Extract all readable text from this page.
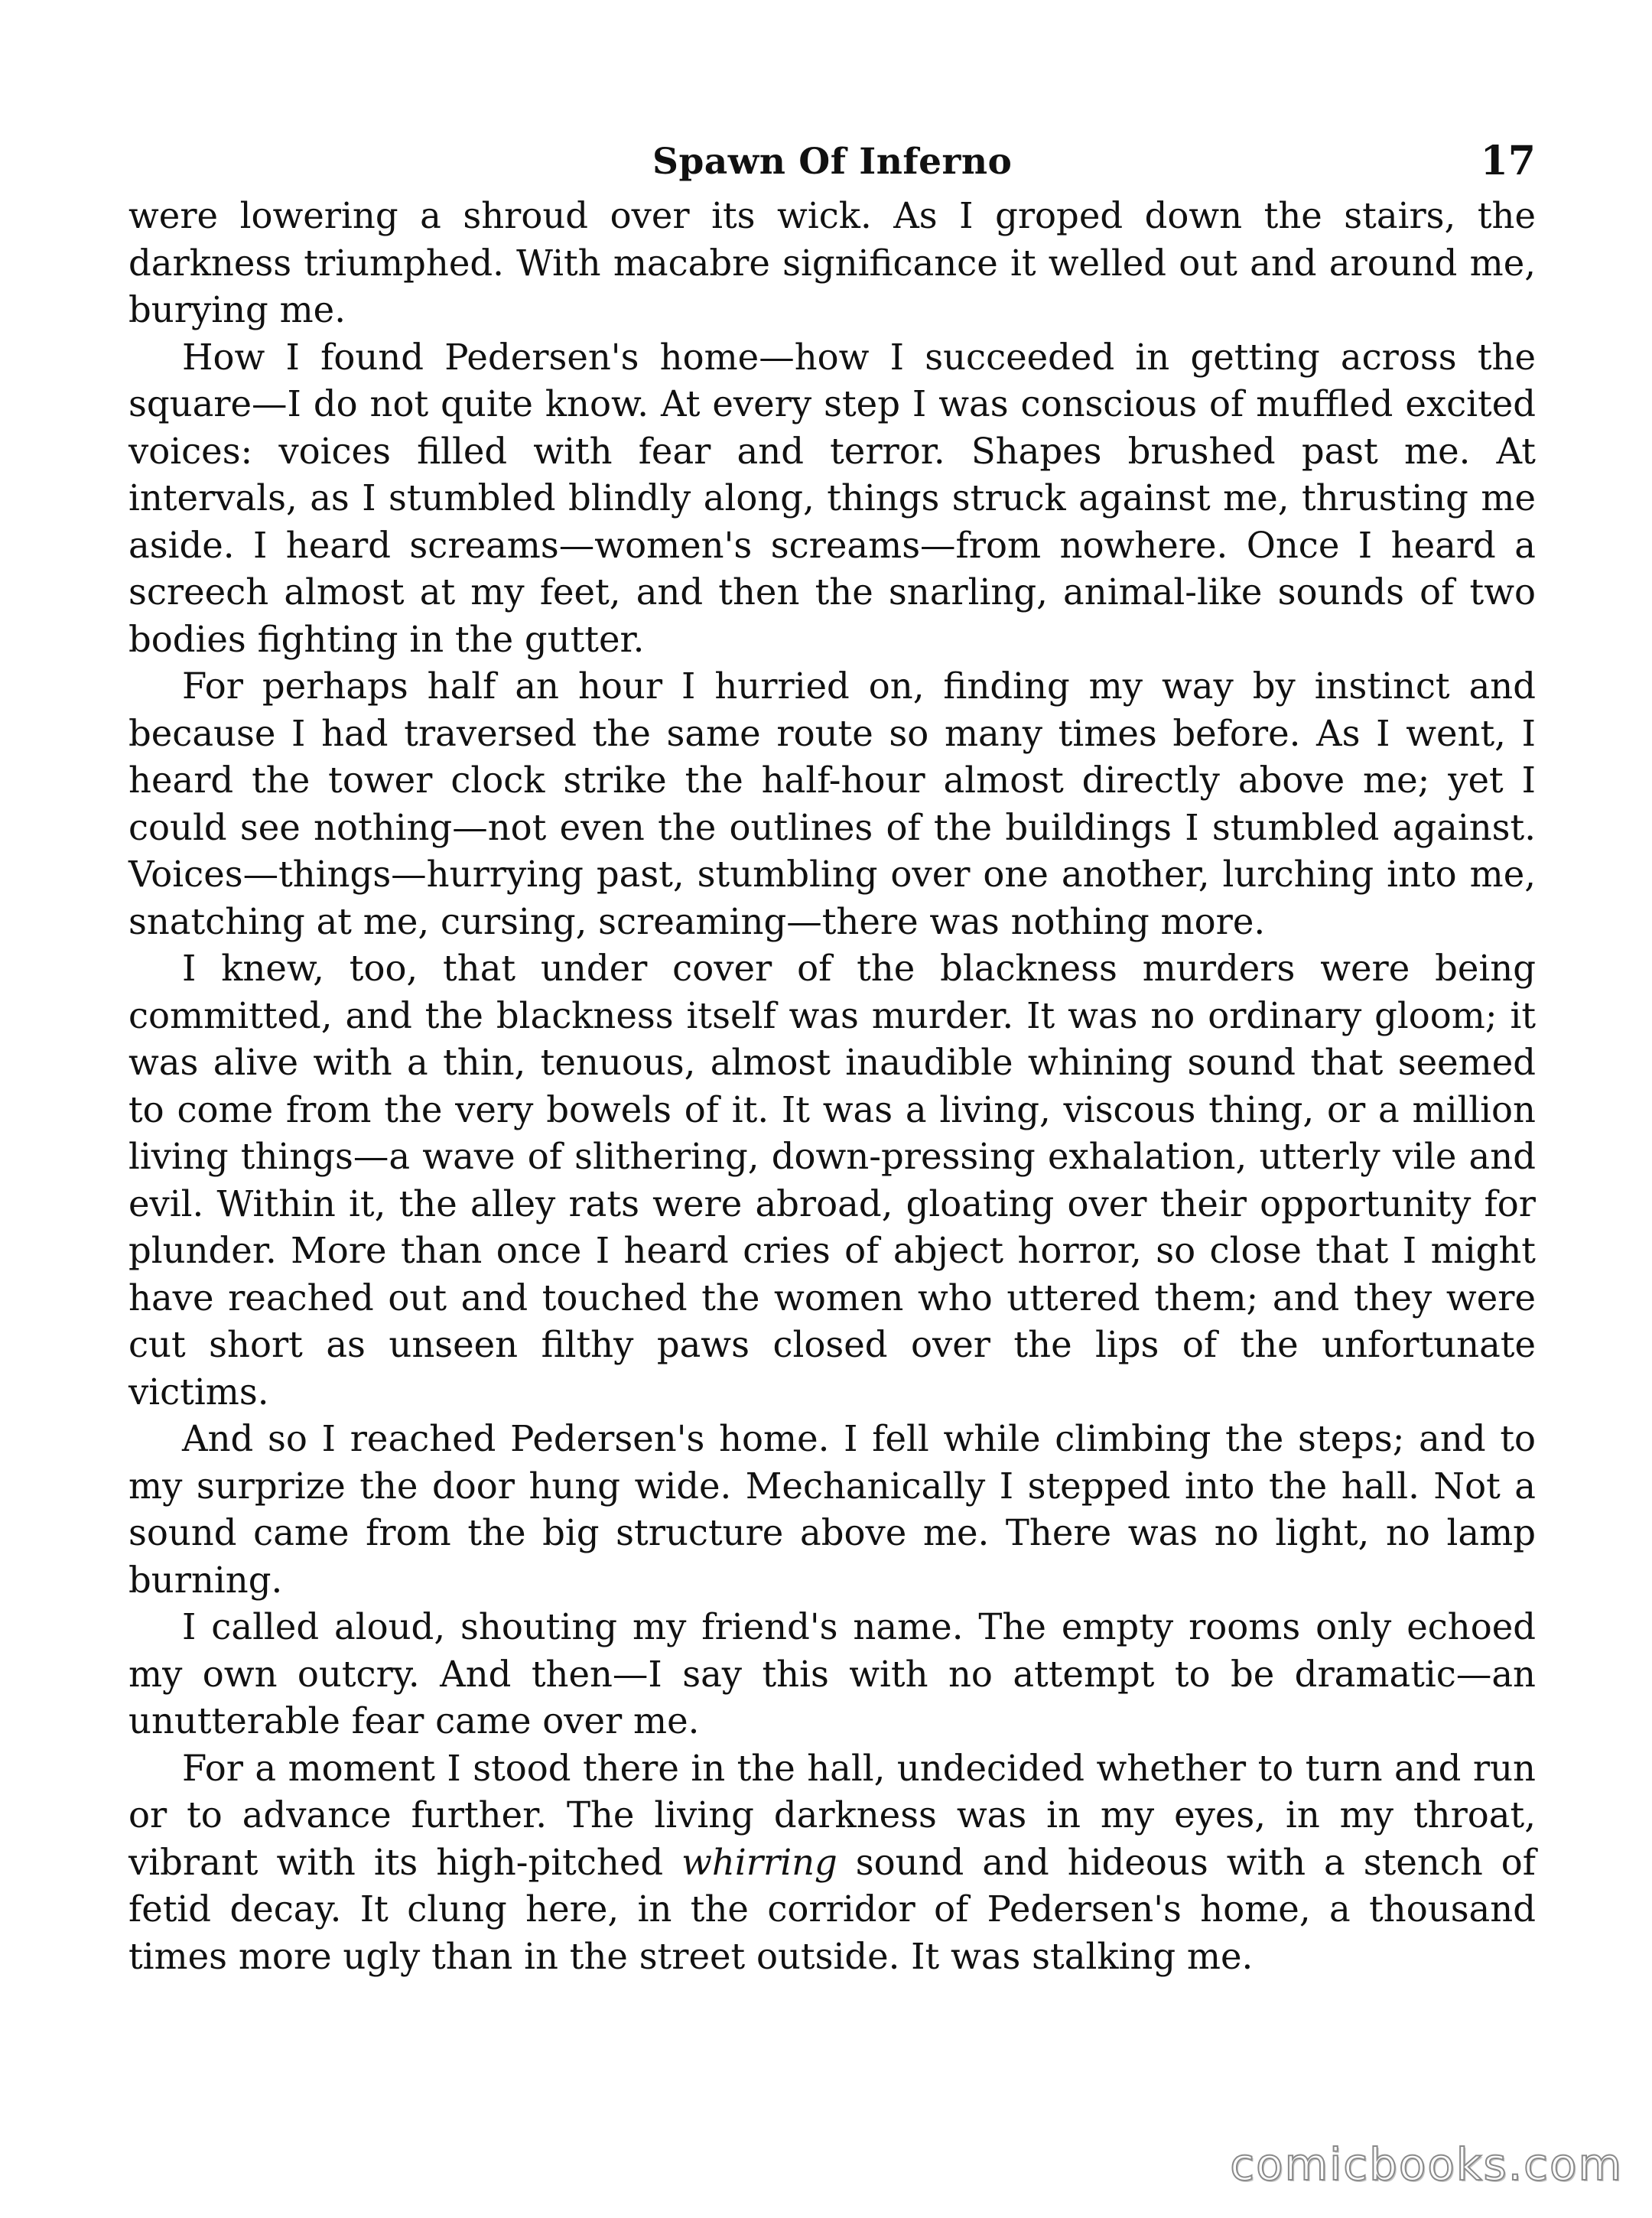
Spawn Of Inferno	17

were lowering a shroud over its wick. As I groped down the stairs, the darkness triumphed. With macabre significance it welled out and around me, burying me.

How I found Pedersen's home—how I succeeded in getting across the square—I do not quite know. At every step I was conscious of muffled excited voices: voices filled with fear and terror. Shapes brushed past me. At intervals, as I stumbled blindly along, things struck against me, thrusting me aside. I heard screams—women's screams—from nowhere. Once I heard a screech almost at my feet, and then the snarling, animal-like sounds of two bodies fighting in the gutter.

For perhaps half an hour I hurried on, finding my way by instinct and because I had traversed the same route so many times before. As I went, I heard the tower clock strike the half-hour almost directly above me; yet I could see nothing—not even the outlines of the buildings I stumbled against. Voices—things—hurrying past, stumbling over one another, lurching into me, snatching at me, cursing, screaming—there was nothing more.

I knew, too, that under cover of the blackness murders were being committed, and the blackness itself was murder. It was no ordinary gloom; it was alive with a thin, tenuous, almost inaudible whining sound that seemed to come from the very bowels of it. It was a living, viscous thing, or a million living things—a wave of slithering, down-pressing exhalation, utterly vile and evil. Within it, the alley rats were abroad, gloating over their opportunity for plunder. More than once I heard cries of abject horror, so close that I might have reached out and touched the women who uttered them; and they were cut short as unseen filthy paws closed over the lips of the unfortunate victims.

And so I reached Pedersen's home. I fell while climbing the steps; and to my surprize the door hung wide. Mechanically I stepped into the hall. Not a sound came from the big structure above me. There was no light, no lamp burning.

I called aloud, shouting my friend's name. The empty rooms only echoed my own outcry. And then—I say this with no attempt to be dramatic—an unutterable fear came over me.

For a moment I stood there in the hall, undecided whether to turn and run or to advance further. The living darkness was in my eyes, in my throat, vibrant with its high-pitched whirring sound and hideous with a stench of fetid decay. It clung here, in the corridor of Pedersen's home, a thousand times more ugly than in the street outside. It was stalking me.

comicbooks.com
